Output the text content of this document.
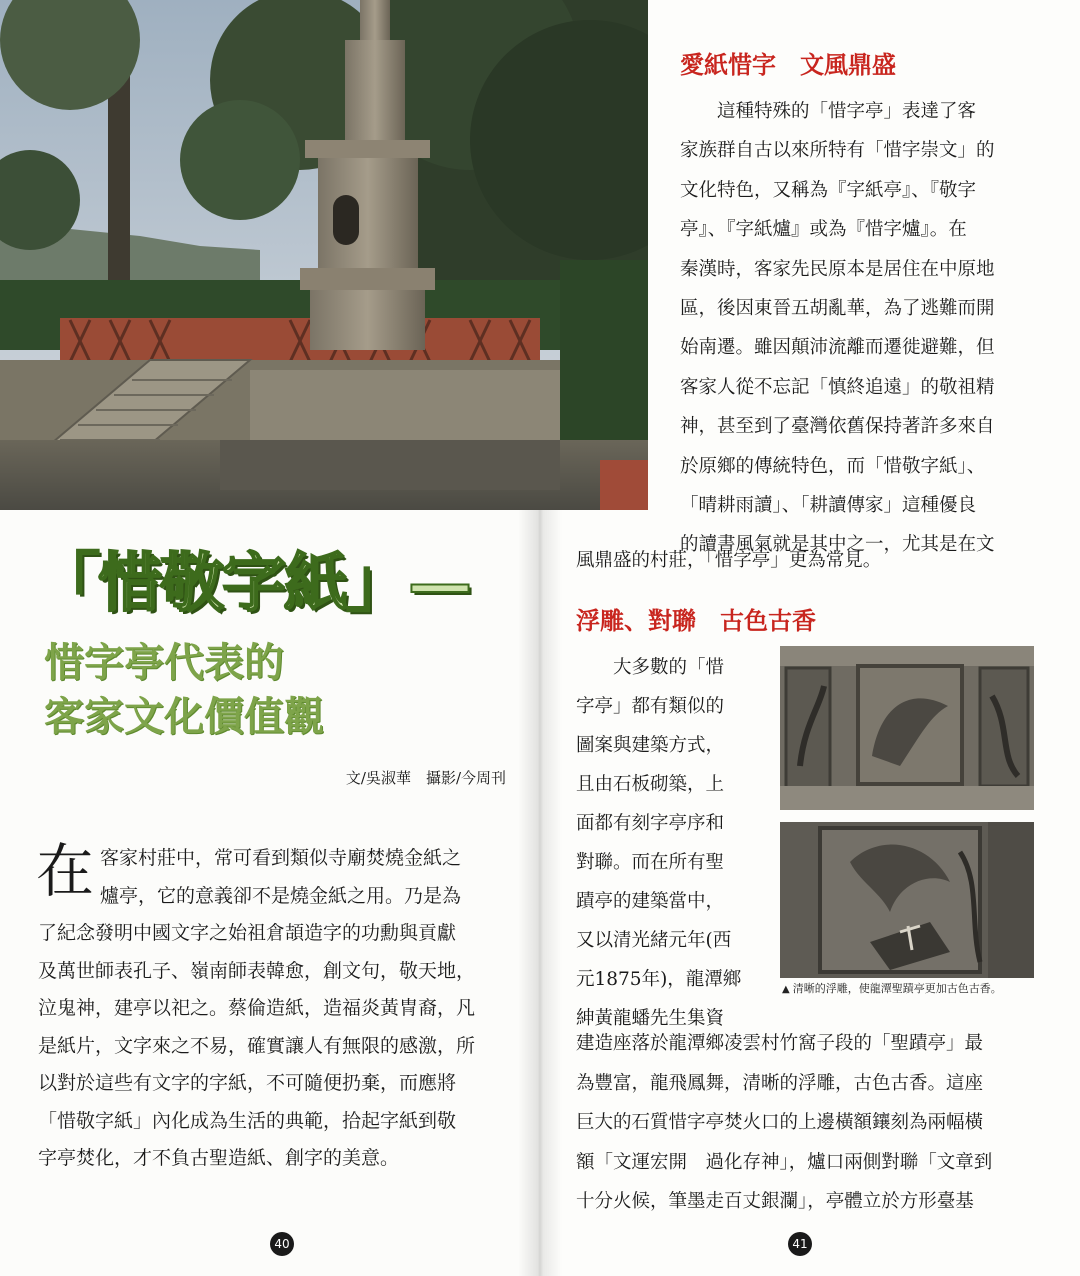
▲ 清晰的浮雕，使龍潭聖蹟亭更加古色古香。
「惜敬字紙」—
惜字亭代表的
客家文化價值觀
文/吳淑華　攝影/今周刊
在 客家村莊中，常可看到類似寺廟焚燒金紙之
爐亭，它的意義卻不是燒金紙之用。乃是為
了紀念發明中國文字之始祖倉頡造字的功勳與貢獻
及萬世師表孔子、嶺南師表韓愈，創文句，敬天地，
泣鬼神，建亭以祀之。蔡倫造紙，造福炎黃冑裔，凡
是紙片，文字來之不易，確實讓人有無限的感激，所
以對於這些有文字的字紙，不可隨便扔棄，而應將
「惜敬字紙」內化成為生活的典範，拾起字紙到敬
字亭焚化，才不負古聖造紙、創字的美意。
40
愛紙惜字　文風鼎盛
　　這種特殊的「惜字亭」表達了客
家族群自古以來所特有「惜字崇文」的
文化特色，又稱為『字紙亭』、『敬字
亭』、『字紙爐』或為『惜字爐』。在
秦漢時，客家先民原本是居住在中原地
區，後因東晉五胡亂華，為了逃難而開
始南遷。雖因顛沛流離而遷徙避難，但
客家人從不忘記「慎終追遠」的敬祖精
神，甚至到了臺灣依舊保持著許多來自
於原鄉的傳統特色，而「惜敬字紙」、
「晴耕雨讀」、「耕讀傳家」這種優良
的讀書風氣就是其中之一，尤其是在文
風鼎盛的村莊，「惜字亭」更為常見。
浮雕、對聯　古色古香
　　大多數的「惜
字亭」都有類似的
圖案與建築方式，
且由石板砌築，上
面都有刻字亭序和
對聯。而在所有聖
蹟亭的建築當中，
又以清光緒元年(西
元1875年)，龍潭鄉
紳黃龍蟠先生集資
建造座落於龍潭鄉凌雲村竹窩子段的「聖蹟亭」最
為豐富，龍飛鳳舞，清晰的浮雕，古色古香。這座
巨大的石質惜字亭焚火口的上邊橫額鑲刻為兩幅橫
額「文運宏開　過化存神」，爐口兩側對聯「文章到
十分火候，筆墨走百丈銀瀾」，亭體立於方形臺基
41
